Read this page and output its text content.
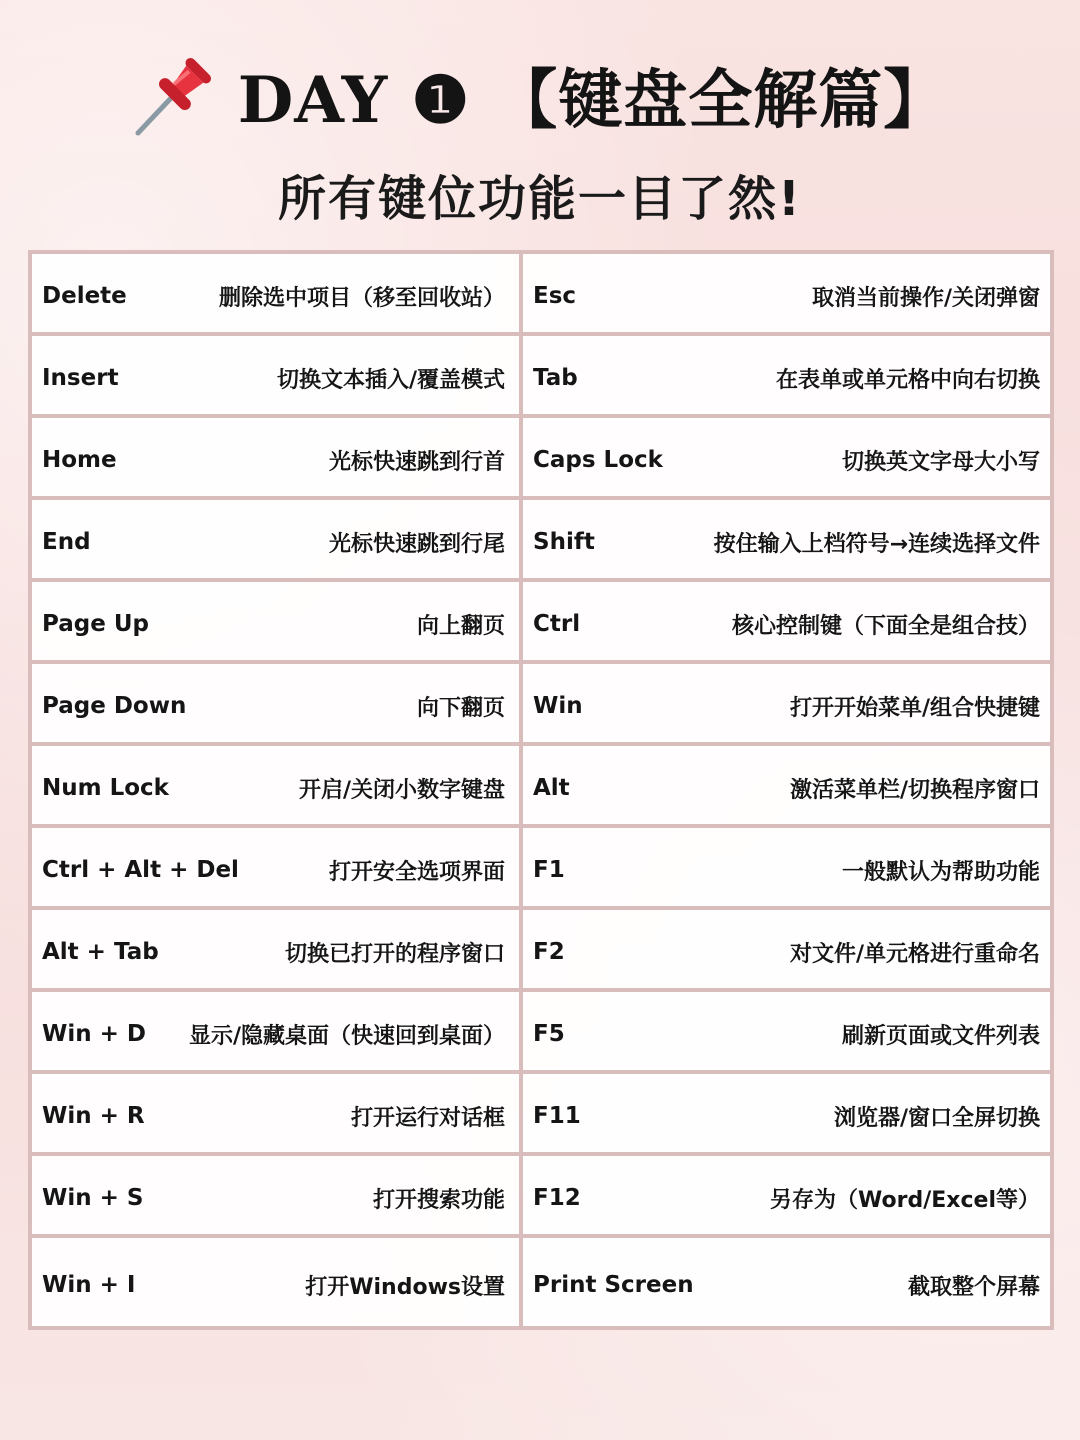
DAY ❶ 【键盘全解篇】
所有键位功能一目了然!
Delete	删除选中项目（移至回收站） Esc	取消当前操作/关闭弹窗
Insert	切换文本插入/覆盖模式 Tab	在表单或单元格中向右切换
Home	光标快速跳到行首 Caps Lock	切换英文字母大小写
End	光标快速跳到行尾 Shift	按住输入上档符号→连续选择文件
Page Up	向上翻页 Ctrl	核心控制键（下面全是组合技）
Page Down	向下翻页 Win	打开开始菜单/组合快捷键
Num Lock	开启/关闭小数字键盘 Alt	激活菜单栏/切换程序窗口
Ctrl + Alt + Del	打开安全选项界面 F1	一般默认为帮助功能
Alt + Tab	切换已打开的程序窗口 F2	对文件/单元格进行重命名
Win + D 显示/隐藏桌面（快速回到桌面） F5	刷新页面或文件列表
Win + R	打开运行对话框 F11	浏览器/窗口全屏切换
Win + S	打开搜索功能 F12	另存为（Word/Excel等）
Win + I	打开Windows设置 Print Screen	截取整个屏幕
